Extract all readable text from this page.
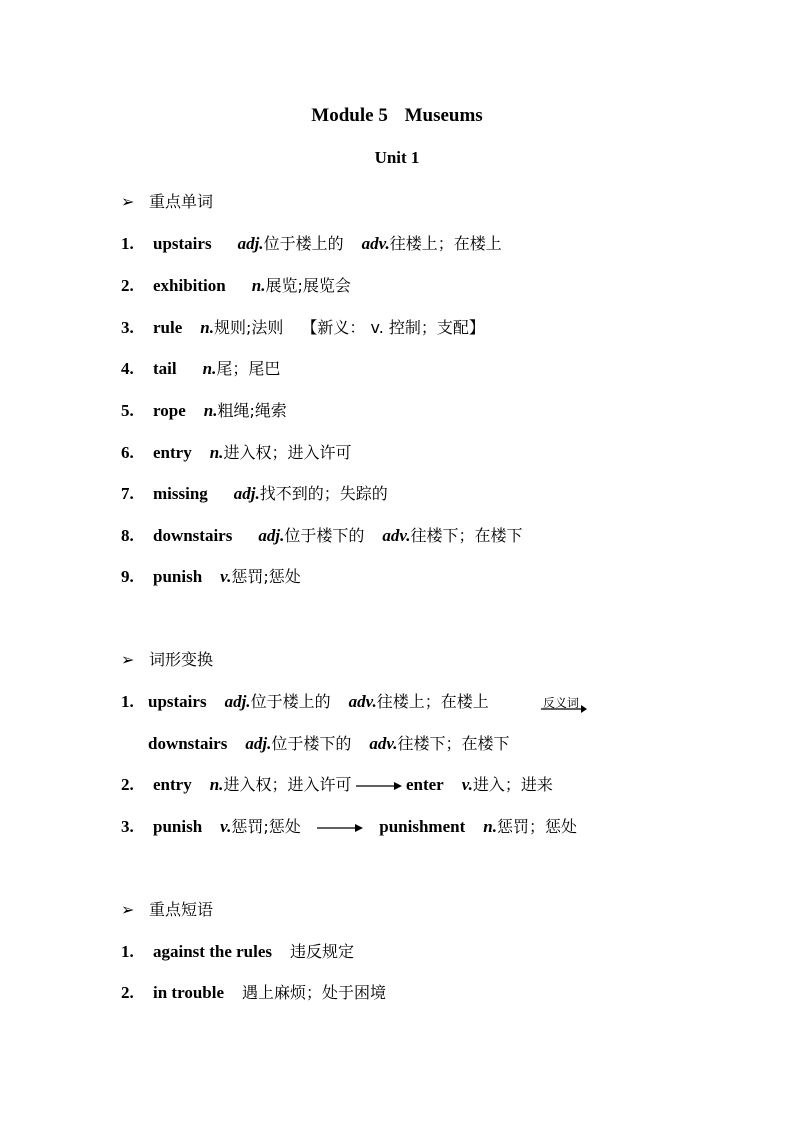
Module 5 Museums
Unit 1
➢ 重点单词
1. upstairs adj.位于楼上的 adv.往楼上；在楼上
2. exhibition n.展览;展览会
3. rule n.规则;法则 【新义： v. 控制；支配】
4. tail n.尾；尾巴
5. rope n.粗绳;绳索
6. entry n.进入权；进入许可
7. missing adj.找不到的；失踪的
8. downstairs adj.位于楼下的 adv.往楼下；在楼下
9. punish v.惩罚;惩处
➢ 词形变换
1. upstairs adj.位于楼上的 adv.往楼上；在楼上	反义词
downstairs adj.位于楼下的 adv.往楼下；在楼下
2. entry n.进入权；进入许可	enter v.进入；进来
3. punish v.惩罚;惩处	punishment n.惩罚；惩处
➢ 重点短语
1. against the rules 违反规定
2. in trouble 遇上麻烦；处于困境
